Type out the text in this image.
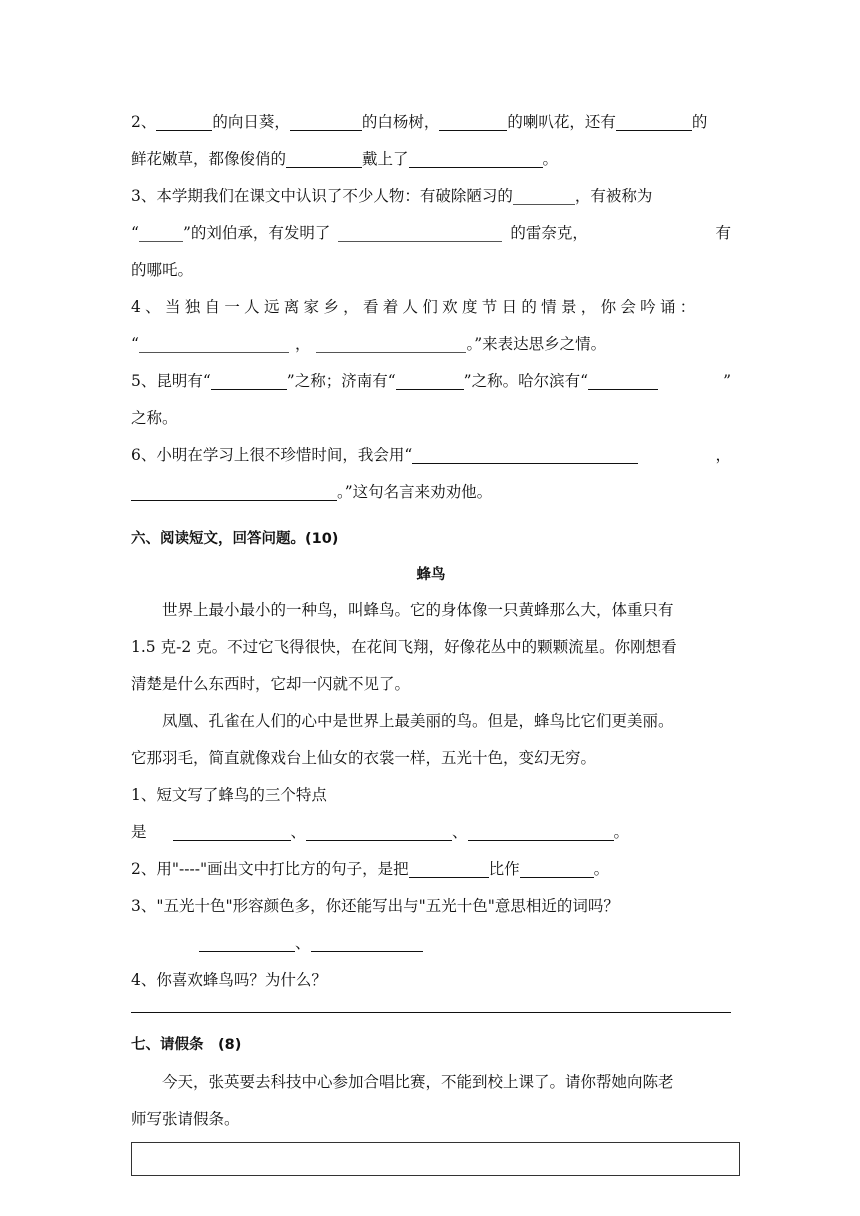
2、	的向日葵，	的白杨树，	的喇叭花，还有	的
鲜花嫩草，都像俊俏的	戴上了	。
3、本学期我们在课文中认识了不少人物：有破除陋习的	，有被称为
“	”的刘伯承，有发明了	的雷奈克，	有
的哪吒。
4、当独自一人远离家乡，看着人们欢度节日的情景，你会吟诵：
“	，	。”来表达思乡之情。
5、昆明有“	”之称；济南有“	”之称。哈尔滨有“	”
之称。
6、小明在学习上很不珍惜时间，我会用“	，
。”这句名言来劝劝他。
六、阅读短文，回答问题。(10)
蜂鸟
世界上最小最小的一种鸟，叫蜂鸟。它的身体像一只黄蜂那么大，体重只有
1.5 克-2 克。不过它飞得很快，在花间飞翔，好像花丛中的颗颗流星。你刚想看
清楚是什么东西时，它却一闪就不见了。
凤凰、孔雀在人们的心中是世界上最美丽的鸟。但是，蜂鸟比它们更美丽。
它那羽毛，简直就像戏台上仙女的衣裳一样，五光十色，变幻无穷。
1、短文写了蜂鸟的三个特点
是	、	、	。
2、用"----"画出文中打比方的句子，是把	比作	。
3、"五光十色"形容颜色多，你还能写出与"五光十色"意思相近的词吗？
、
4、你喜欢蜂鸟吗？为什么？
七、请假条　(8)
今天，张英要去科技中心参加合唱比赛，不能到校上课了。请你帮她向陈老
师写张请假条。
